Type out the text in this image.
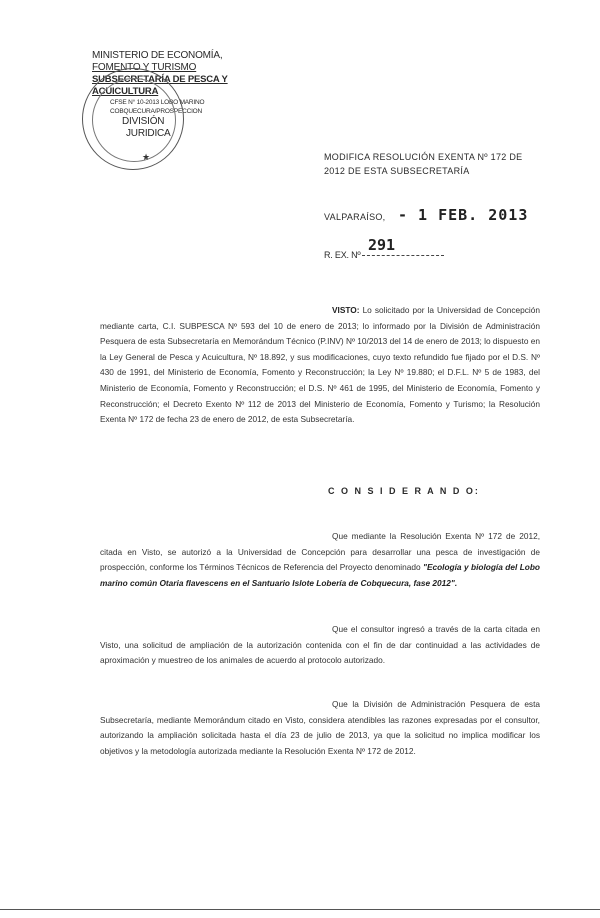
MINISTERIO DE ECONOMÍA,
FOMENTO Y TURISMO
SUBSECRETARÍA DE PESCA Y ACUICULTURA
CFSE N° 10-2013 LOBO MARINO
COBQUECURA/PROSPECCION
DIVISIÓN
JURIDICA
★	MODIFICA RESOLUCIÓN EXENTA Nº 172 DE
2012 DE ESTA SUBSECRETARÍA
VALPARAÍSO, - 1 FEB. 2013
R. EX. Nº
291
VISTO: Lo solicitado por la Universidad de Concepción mediante carta, C.I. SUBPESCA Nº 593 del 10 de enero de 2013; lo informado por la División de Administración Pesquera de esta Subsecretaría en Memorándum Técnico (P.INV) Nº 10/2013 del 14 de enero de 2013; lo dispuesto en la Ley General de Pesca y Acuicultura, Nº 18.892, y sus modificaciones, cuyo texto refundido fue fijado por el D.S. Nº 430 de 1991, del Ministerio de Economía, Fomento y Reconstrucción; la Ley Nº 19.880; el D.F.L. Nº 5 de 1983, del Ministerio de Economía, Fomento y Reconstrucción; el D.S. Nº 461 de 1995, del Ministerio de Economía, Fomento y Reconstrucción; el Decreto Exento Nº 112 de 2013 del Ministerio de Economía, Fomento y Turismo; la Resolución Exenta Nº 172 de fecha 23 de enero de 2012, de esta Subsecretaría.
C O N S I D E R A N D O:
Que mediante la Resolución Exenta Nº 172 de 2012, citada en Visto, se autorizó a la Universidad de Concepción para desarrollar una pesca de investigación de prospección, conforme los Términos Técnicos de Referencia del Proyecto denominado "Ecología y biología del Lobo marino común Otaria flavescens en el Santuario Islote Lobería de Cobquecura, fase 2012".
Que el consultor ingresó a través de la carta citada en Visto, una solicitud de ampliación de la autorización contenida con el fin de dar continuidad a las actividades de aproximación y muestreo de los animales de acuerdo al protocolo autorizado.
Que la División de Administración Pesquera de esta Subsecretaría, mediante Memorándum citado en Visto, considera atendibles las razones expresadas por el consultor, autorizando la ampliación solicitada hasta el día 23 de julio de 2013, ya que la solicitud no implica modificar los objetivos y la metodología autorizada mediante la Resolución Exenta Nº 172 de 2012.
